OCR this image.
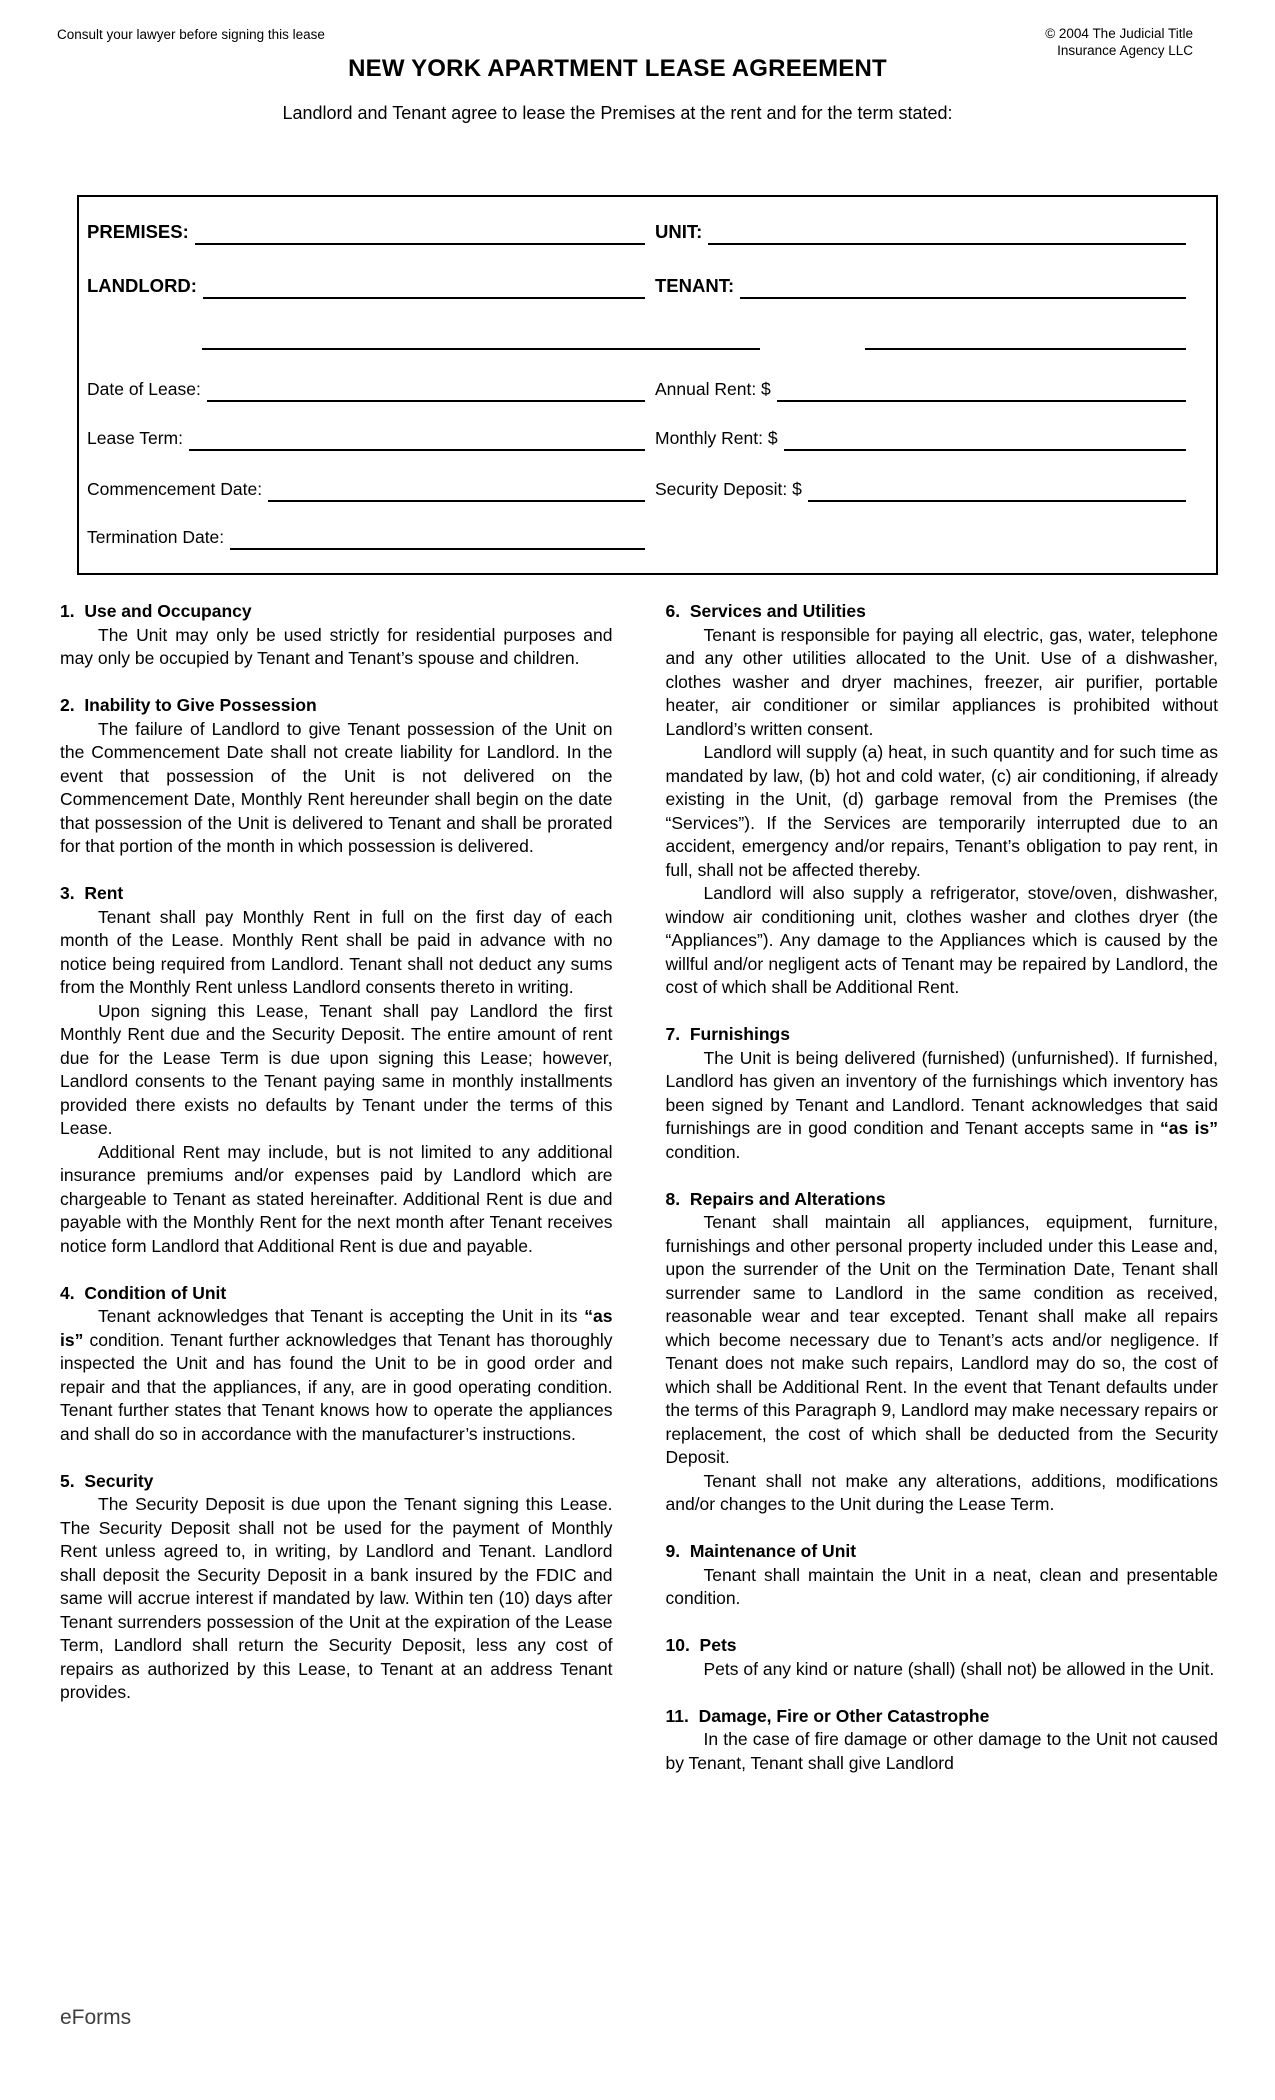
Consult your lawyer before signing this lease	© 2004 The Judicial Title
Insurance Agency LLC
NEW YORK APARTMENT LEASE AGREEMENT
Landlord and Tenant agree to lease the Premises at the rent and for the term stated:
PREMISES:	UNIT:
LANDLORD:	TENANT:
Date of Lease:	Annual Rent: $
Lease Term:	Monthly Rent: $
Commencement Date:	Security Deposit: $
Termination Date:
1.  Use and Occupancy

The Unit may only be used strictly for residential purposes and may only be occupied by Tenant and Tenant’s spouse and children.

2.  Inability to Give Possession

The failure of Landlord to give Tenant possession of the Unit on the Commencement Date shall not create liability for Landlord. In the event that possession of the Unit is not delivered on the Commencement Date, Monthly Rent hereunder shall begin on the date that possession of the Unit is delivered to Tenant and shall be prorated for that portion of the month in which possession is delivered.

3.  Rent

Tenant shall pay Monthly Rent in full on the first day of each month of the Lease. Monthly Rent shall be paid in advance with no notice being required from Landlord. Tenant shall not deduct any sums from the Monthly Rent unless Landlord consents thereto in writing.

Upon signing this Lease, Tenant shall pay Landlord the first Monthly Rent due and the Security Deposit. The entire amount of rent due for the Lease Term is due upon signing this Lease; however, Landlord consents to the Tenant paying same in monthly installments provided there exists no defaults by Tenant under the terms of this Lease.

Additional Rent may include, but is not limited to any additional insurance premiums and/or expenses paid by Landlord which are chargeable to Tenant as stated hereinafter. Additional Rent is due and payable with the Monthly Rent for the next month after Tenant receives notice form Landlord that Additional Rent is due and payable.

4.  Condition of Unit

Tenant acknowledges that Tenant is accepting the Unit in its “as is” condition. Tenant further acknowledges that Tenant has thoroughly inspected the Unit and has found the Unit to be in good order and repair and that the appliances, if any, are in good operating condition. Tenant further states that Tenant knows how to operate the appliances and shall do so in accordance with the manufacturer’s instructions.

5.  Security

The Security Deposit is due upon the Tenant signing this Lease. The Security Deposit shall not be used for the payment of Monthly Rent unless agreed to, in writing, by Landlord and Tenant. Landlord shall deposit the Security Deposit in a bank insured by the FDIC and same will accrue interest if mandated by law. Within ten (10) days after Tenant surrenders possession of the Unit at the expiration of the Lease Term, Landlord shall return the Security Deposit, less any cost of repairs as authorized by this Lease, to Tenant at an address Tenant provides.

6.  Services and Utilities

Tenant is responsible for paying all electric, gas, water, telephone and any other utilities allocated to the Unit. Use of a dishwasher, clothes washer and dryer machines, freezer, air purifier, portable heater, air conditioner or similar appliances is prohibited without Landlord’s written consent.

Landlord will supply (a) heat, in such quantity and for such time as mandated by law, (b) hot and cold water, (c) air conditioning, if already existing in the Unit, (d) garbage removal from the Premises (the “Services”). If the Services are temporarily interrupted due to an accident, emergency and/or repairs, Tenant’s obligation to pay rent, in full, shall not be affected thereby.

Landlord will also supply a refrigerator, stove/oven, dishwasher, window air conditioning unit, clothes washer and clothes dryer (the “Appliances”). Any damage to the Appliances which is caused by the willful and/or negligent acts of Tenant may be repaired by Landlord, the cost of which shall be Additional Rent.

7.  Furnishings

The Unit is being delivered (furnished) (unfurnished). If furnished, Landlord has given an inventory of the furnishings which inventory has been signed by Tenant and Landlord. Tenant acknowledges that said furnishings are in good condition and Tenant accepts same in “as is” condition.

8.  Repairs and Alterations

Tenant shall maintain all appliances, equipment, furniture, furnishings and other personal property included under this Lease and, upon the surrender of the Unit on the Termination Date, Tenant shall surrender same to Landlord in the same condition as received, reasonable wear and tear excepted. Tenant shall make all repairs which become necessary due to Tenant’s acts and/or negligence. If Tenant does not make such repairs, Landlord may do so, the cost of which shall be Additional Rent. In the event that Tenant defaults under the terms of this Paragraph 9, Landlord may make necessary repairs or replacement, the cost of which shall be deducted from the Security Deposit.

Tenant shall not make any alterations, additions, modifications and/or changes to the Unit during the Lease Term.

9.  Maintenance of Unit

Tenant shall maintain the Unit in a neat, clean and presentable condition.

10.  Pets

Pets of any kind or nature (shall) (shall not) be allowed in the Unit.

11.  Damage, Fire or Other Catastrophe

In the case of fire damage or other damage to the Unit not caused by Tenant, Tenant shall give Landlord

eForms
